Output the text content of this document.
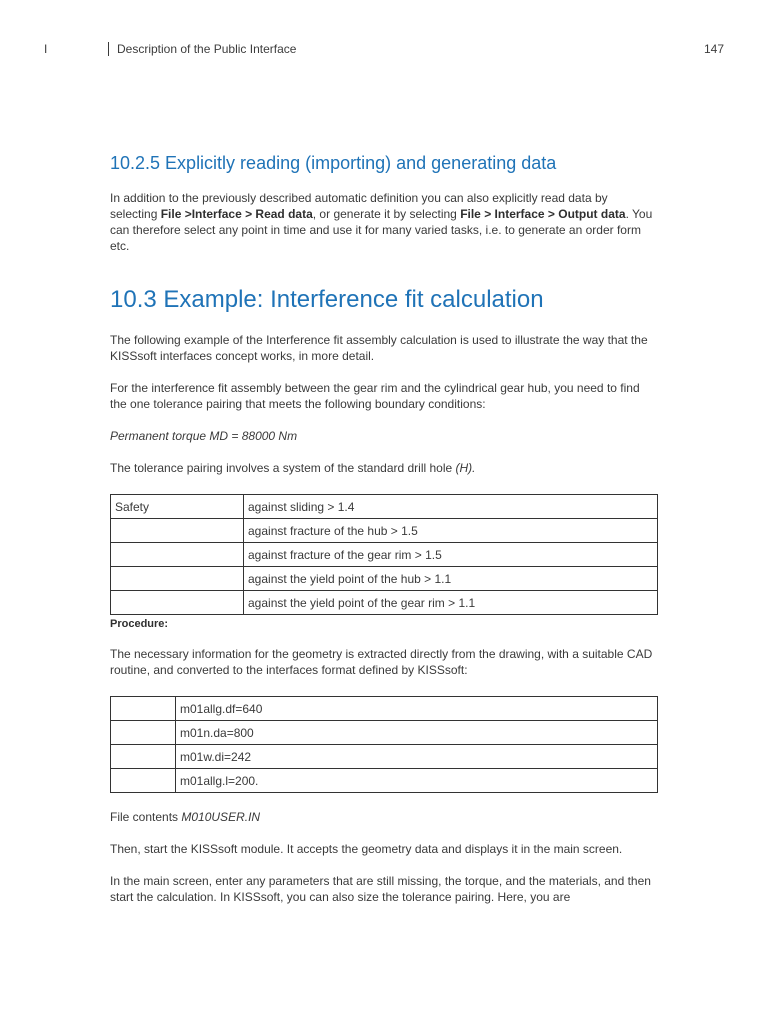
I	Description of the Public Interface	147
10.2.5 Explicitly reading (importing) and generating data

In addition to the previously described automatic definition you can also explicitly read data by selecting File >Interface > Read data, or generate it by selecting File > Interface > Output data. You can therefore select any point in time and use it for many varied tasks, i.e. to generate an order form etc.

10.3 Example: Interference fit calculation

The following example of the Interference fit assembly calculation is used to illustrate the way that the KISSsoft interfaces concept works, in more detail.

For the interference fit assembly between the gear rim and the cylindrical gear hub, you need to find the one tolerance pairing that meets the following boundary conditions:

Permanent torque MD = 88000 Nm

The tolerance pairing involves a system of the standard drill hole (H).

Safety	against sliding > 1.4
	against fracture of the hub > 1.5
	against fracture of the gear rim > 1.5
	against the yield point of the hub > 1.1
	against the yield point of the gear rim > 1.1
Procedure:

The necessary information for the geometry is extracted directly from the drawing, with a suitable CAD routine, and converted to the interfaces format defined by KISSsoft:

	m01allg.df=640
	m01n.da=800
	m01w.di=242
	m01allg.l=200.

File contents M010USER.IN

Then, start the KISSsoft module. It accepts the geometry data and displays it in the main screen.

In the main screen, enter any parameters that are still missing, the torque, and the materials, and then start the calculation. In KISSsoft, you can also size the tolerance pairing. Here, you are
